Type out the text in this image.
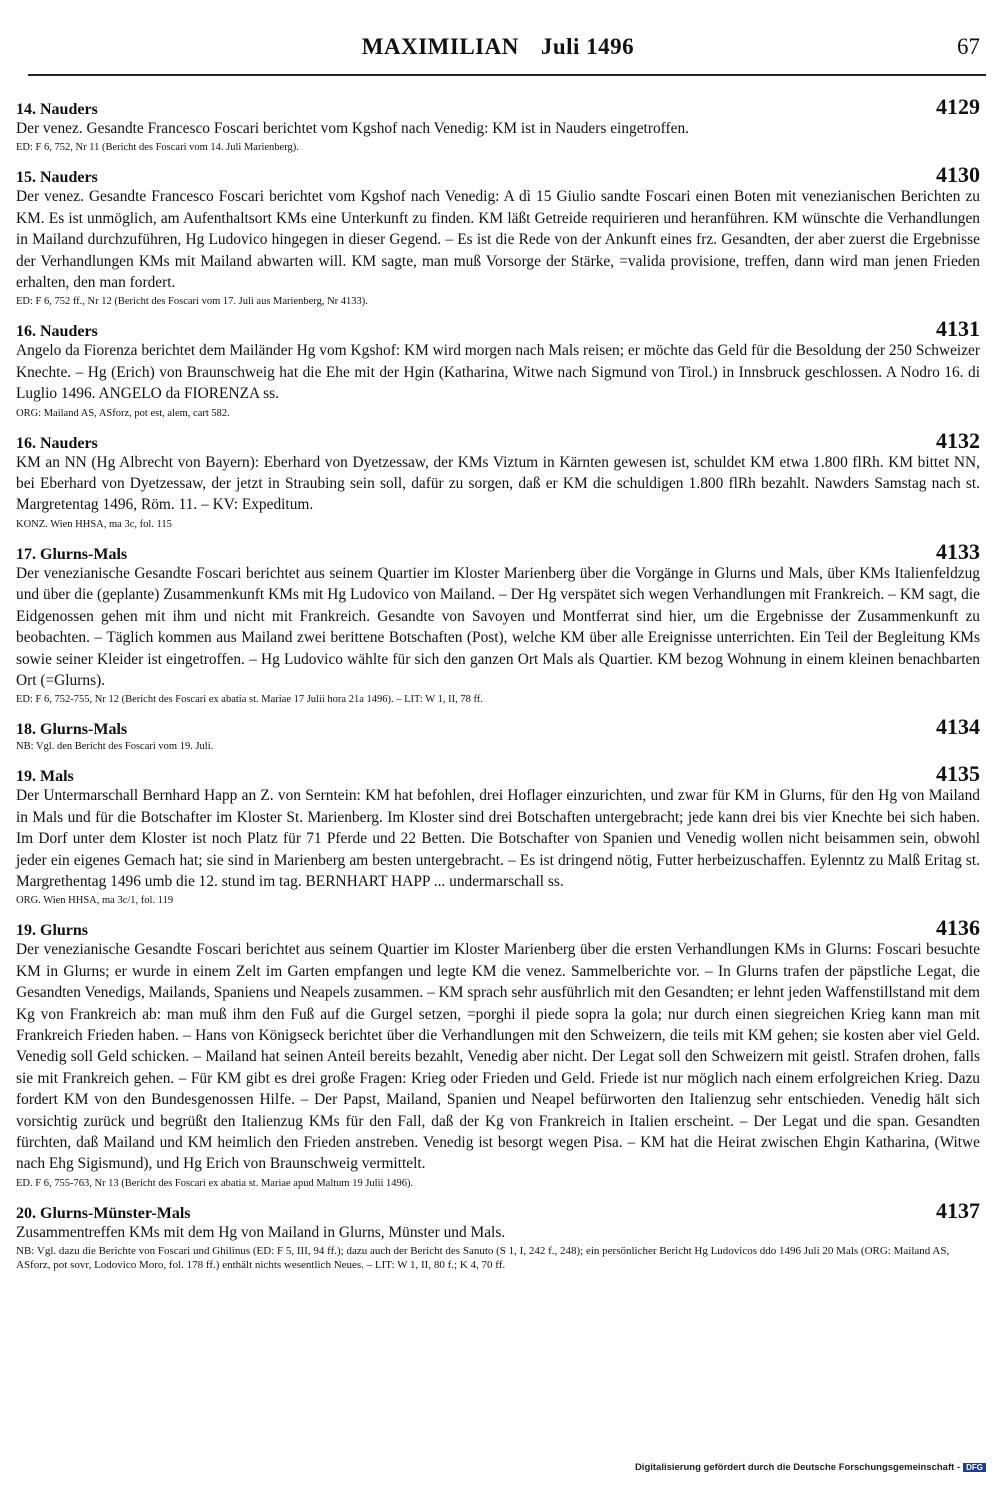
MAXIMILIAN Juli 1496	67
14. Nauders	4129
Der venez. Gesandte Francesco Foscari berichtet vom Kgshof nach Venedig: KM ist in Nauders eingetroffen.
ED: F 6, 752, Nr 11 (Bericht des Foscari vom 14. Juli Marienberg).
15. Nauders	4130
Der venez. Gesandte Francesco Foscari berichtet vom Kgshof nach Venedig: A dì 15 Giulio sandte Foscari einen Boten mit venezianischen Berichten zu KM. Es ist unmöglich, am Aufenthaltsort KMs eine Unterkunft zu finden. KM läßt Getreide requirieren und heranführen. KM wünschte die Verhandlungen in Mailand durchzuführen, Hg Ludovico hingegen in dieser Gegend. – Es ist die Rede von der Ankunft eines frz. Gesandten, der aber zuerst die Ergebnisse der Verhandlungen KMs mit Mailand abwarten will. KM sagte, man muß Vorsorge der Stärke, =valida provisione, treffen, dann wird man jenen Frieden erhalten, den man fordert.
ED: F 6, 752 ff., Nr 12 (Bericht des Foscari vom 17. Juli aus Marienberg, Nr 4133).
16. Nauders	4131
Angelo da Fiorenza berichtet dem Mailänder Hg vom Kgshof: KM wird morgen nach Mals reisen; er möchte das Geld für die Besoldung der 250 Schweizer Knechte. – Hg (Erich) von Braunschweig hat die Ehe mit der Hgin (Katharina, Witwe nach Sigmund von Tirol.) in Innsbruck geschlossen. A Nodro 16. di Luglio 1496. ANGELO da FIORENZA ss.
ORG: Mailand AS, ASforz, pot est, alem, cart 582.
16. Nauders	4132
KM an NN (Hg Albrecht von Bayern): Eberhard von Dyetzessaw, der KMs Viztum in Kärnten gewesen ist, schuldet KM etwa 1.800 flRh. KM bittet NN, bei Eberhard von Dyetzessaw, der jetzt in Straubing sein soll, dafür zu sorgen, daß er KM die schuldigen 1.800 flRh bezahlt. Nawders Samstag nach st. Margretentag 1496, Röm. 11. – KV: Expeditum.
KONZ. Wien HHSA, ma 3c, fol. 115
17. Glurns-Mals	4133
Der venezianische Gesandte Foscari berichtet aus seinem Quartier im Kloster Marienberg über die Vorgänge in Glurns und Mals, über KMs Italienfeldzug und über die (geplante) Zusammenkunft KMs mit Hg Ludovico von Mailand. – Der Hg verspätet sich wegen Verhandlungen mit Frankreich. – KM sagt, die Eidgenossen gehen mit ihm und nicht mit Frankreich. Gesandte von Savoyen und Montferrat sind hier, um die Ergebnisse der Zusammenkunft zu beobachten. – Täglich kommen aus Mailand zwei berittene Botschaften (Post), welche KM über alle Ereignisse unterrichten. Ein Teil der Begleitung KMs sowie seiner Kleider ist eingetroffen. – Hg Ludovico wählte für sich den ganzen Ort Mals als Quartier. KM bezog Wohnung in einem kleinen benachbarten Ort (=Glurns).
ED: F 6, 752-755, Nr 12 (Bericht des Foscari ex abatia st. Mariae 17 Julii hora 21a 1496). – LIT: W 1, II, 78 ff.
18. Glurns-Mals	4134
NB: Vgl. den Bericht des Foscari vom 19. Juli.
19. Mals	4135
Der Untermarschall Bernhard Happ an Z. von Serntein: KM hat befohlen, drei Hoflager einzurichten, und zwar für KM in Glurns, für den Hg von Mailand in Mals und für die Botschafter im Kloster St. Marienberg. Im Kloster sind drei Botschaften untergebracht; jede kann drei bis vier Knechte bei sich haben. Im Dorf unter dem Kloster ist noch Platz für 71 Pferde und 22 Betten. Die Botschafter von Spanien und Venedig wollen nicht beisammen sein, obwohl jeder ein eigenes Gemach hat; sie sind in Marienberg am besten untergebracht. – Es ist dringend nötig, Futter herbeizuschaffen. Eylenntz zu Malß Eritag st. Margrethentag 1496 umb die 12. stund im tag. BERNHART HAPP ... undermarschall ss.
ORG. Wien HHSA, ma 3c/1, fol. 119
19. Glurns	4136
Der venezianische Gesandte Foscari berichtet aus seinem Quartier im Kloster Marienberg über die ersten Verhandlungen KMs in Glurns: Foscari besuchte KM in Glurns; er wurde in einem Zelt im Garten empfangen und legte KM die venez. Sammelberichte vor. – In Glurns trafen der päpstliche Legat, die Gesandten Venedigs, Mailands, Spaniens und Neapels zusammen. – KM sprach sehr ausführlich mit den Gesandten; er lehnt jeden Waffenstillstand mit dem Kg von Frankreich ab: man muß ihm den Fuß auf die Gurgel setzen, =porghi il piede sopra la gola; nur durch einen siegreichen Krieg kann man mit Frankreich Frieden haben. – Hans von Königseck berichtet über die Verhandlungen mit den Schweizern, die teils mit KM gehen; sie kosten aber viel Geld. Venedig soll Geld schicken. – Mailand hat seinen Anteil bereits bezahlt, Venedig aber nicht. Der Legat soll den Schweizern mit geistl. Strafen drohen, falls sie mit Frankreich gehen. – Für KM gibt es drei große Fragen: Krieg oder Frieden und Geld. Friede ist nur möglich nach einem erfolgreichen Krieg. Dazu fordert KM von den Bundesgenossen Hilfe. – Der Papst, Mailand, Spanien und Neapel befürworten den Italienzug sehr entschieden. Venedig hält sich vorsichtig zurück und begrüßt den Italienzug KMs für den Fall, daß der Kg von Frankreich in Italien erscheint. – Der Legat und die span. Gesandten fürchten, daß Mailand und KM heimlich den Frieden anstreben. Venedig ist besorgt wegen Pisa. – KM hat die Heirat zwischen Ehgin Katharina, (Witwe nach Ehg Sigismund), und Hg Erich von Braunschweig vermittelt.
ED. F 6, 755-763, Nr 13 (Bericht des Foscari ex abatia st. Mariae apud Maltum 19 Julii 1496).
20. Glurns-Münster-Mals	4137
Zusammentreffen KMs mit dem Hg von Mailand in Glurns, Münster und Mals.
NB: Vgl. dazu die Berichte von Foscari und Ghilinus (ED: F 5, III, 94 ff.); dazu auch der Bericht des Sanuto (S 1, I, 242 f., 248); ein persönlicher Bericht Hg Ludovicos ddo 1496 Juli 20 Mals (ORG: Mailand AS, ASforz, pot sovr, Lodovico Moro, fol. 178 ff.) enthält nichts wesentlich Neues. – LIT: W 1, II, 80 f.; K 4, 70 ff.
Digitalisierung gefördert durch die Deutsche Forschungsgemeinschaft - DFG
